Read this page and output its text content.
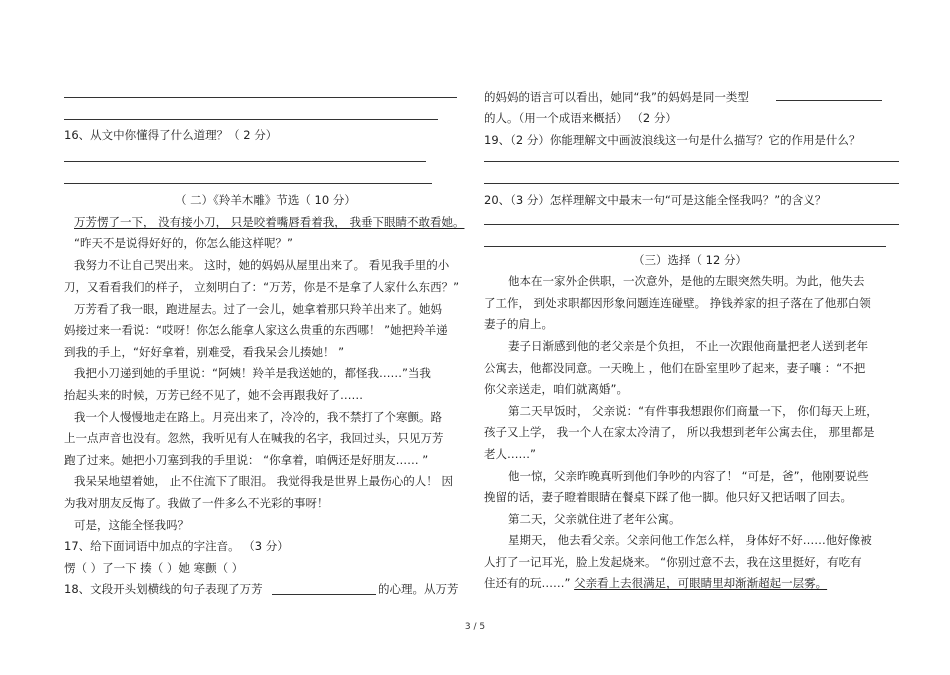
16、从文中你懂得了什么道理？（ 2 分）
（ 二）《羚羊木雕》节选（ 10 分）
万芳愣了一下， 没有接小刀， 只是咬着嘴唇看着我， 我垂下眼睛不敢看她。
“昨天不是说得好好的，你怎么能这样呢？”
我努力不让自己哭出来。 这时，她的妈妈从屋里出来了。 看见我手里的小
刀，又看看我们的样子， 立刻明白了：“万芳，你是不是拿了人家什么东西？”
万芳看了我一眼，跑进屋去。过了一会儿，她拿着那只羚羊出来了。她妈
妈接过来一看说：“哎呀！你怎么能拿人家这么贵重的东西哪！ ”她把羚羊递
到我的手上，“好好拿着，别难受，看我呆会儿揍她！ ”
我把小刀递到她的手里说：“阿姨！羚羊是我送她的，都怪我……”当我
抬起头来的时候，万芳已经不见了，她不会再跟我好了……
我一个人慢慢地走在路上。月亮出来了，冷冷的，我不禁打了个寒颤。路
上一点声音也没有。忽然，我听见有人在喊我的名字，我回过头，只见万芳
跑了过来。她把小刀塞到我的手里说： “你拿着，咱俩还是好朋友…… ”
我呆呆地望着她， 止不住流下了眼泪。 我觉得我是世界上最伤心的人！ 因
为我对朋友反悔了。我做了一件多么不光彩的事呀！
可是，这能全怪我吗？
17、给下面词语中加点的字注音。 （3 分）
愣（ ）了一下 揍（ ）她 寒颤（ ）
18、文段开头划横线的句子表现了万芳	的心理。从万芳
的妈妈的语言可以看出，她同“我”的妈妈是同一类型
的人。（用一个成语来概括） （2 分）
19、（2 分）你能理解文中画波浪线这一句是什么描写？它的作用是什么？
20、（3 分）怎样理解文中最末一句“可是这能全怪我吗？”的含义？
（三）选择（ 12 分）
他本在一家外企供职，一次意外，是他的左眼突然失明。为此，他失去
了工作， 到处求职都因形象问题连连碰壁。 挣钱养家的担子落在了他那白领
妻子的肩上。
妻子日渐感到他的老父亲是个负担， 不止一次跟他商量把老人送到老年
公寓去，他都没同意。一天晚上 ，他们在卧室里吵了起来，妻子嚷 ：“不把
你父亲送走，咱们就离婚”。
第二天早饭时， 父亲说：“有件事我想跟你们商量一下， 你们每天上班，
孩子又上学， 我一个人在家太冷清了， 所以我想到老年公寓去住， 那里都是
老人……”
他一惊，父亲昨晚真听到他们争吵的内容了！ “可是，爸”，他刚要说些
挽留的话，妻子瞪着眼睛在餐桌下踩了他一脚。他只好又把话咽了回去。
第二天，父亲就住进了老年公寓。
星期天， 他去看父亲。父亲问他工作怎么样， 身体好不好……他好像被
人打了一记耳光，脸上发起烧来。 “你别过意不去，我在这里挺好，有吃有
住还有的玩……” 父亲看上去很满足，可眼睛里却渐渐超起一层雾。
3 / 5
